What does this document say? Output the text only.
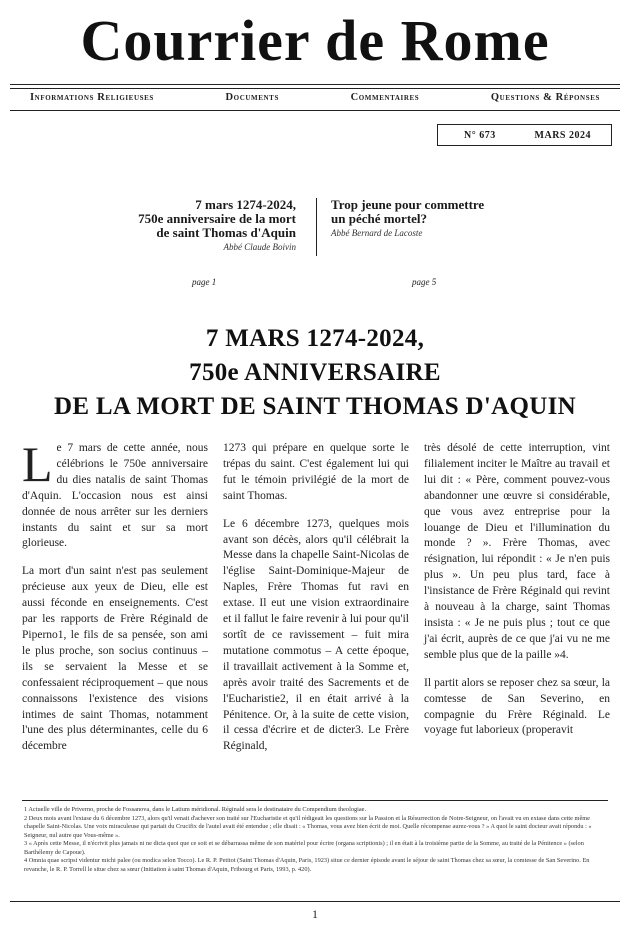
Courrier de Rome
Informations Religieuses	Documents	Commentaires	Questions & Réponses
N° 673	MARS 2024
7 mars 1274-2024,
750e anniversaire de la mort
de saint Thomas d'Aquin
Abbé Claude Boivin
Trop jeune pour commettre
un péché mortel?
Abbé Bernard de Lacoste
page 1	page 5
7 MARS 1274-2024,
750e ANNIVERSAIRE
DE LA MORT DE SAINT THOMAS D'AQUIN

Le 7 mars de cette année, nous célébrions le 750e anniversaire du dies natalis de saint Thomas d'Aquin. L'occasion nous est ainsi donnée de nous arrêter sur les derniers instants du saint et sur sa mort glorieuse.

La mort d'un saint n'est pas seulement précieuse aux yeux de Dieu, elle est aussi féconde en enseignements. C'est par les rapports de Frère Réginald de Piperno1, le fils de sa pensée, son ami le plus proche, son socius continuus – ils se servaient la Messe et se confessaient réciproquement – que nous connaissons l'existence des visions intimes de saint Thomas, notamment l'une des plus déterminantes, celle du 6 décembre

1273 qui prépare en quelque sorte le trépas du saint. C'est également lui qui fut le témoin privilégié de la mort de saint Thomas.

Le 6 décembre 1273, quelques mois avant son décès, alors qu'il célébrait la Messe dans la chapelle Saint-Nicolas de l'église Saint-Dominique-Majeur de Naples, Frère Thomas fut ravi en extase. Il eut une vision extraordinaire et il fallut le faire revenir à lui pour qu'il sortît de ce ravissement – fuit mira mutatione commotus – A cette époque, il travaillait activement à la Somme et, après avoir traité des Sacrements et de l'Eucharistie2, il en était arrivé à la Pénitence. Or, à la suite de cette vision, il cessa d'écrire et de dicter3. Le Frère Réginald,

très désolé de cette interruption, vint filialement inciter le Maître au travail et lui dit : « Père, comment pouvez-vous abandonner une œuvre si considérable, que vous avez entreprise pour la louange de Dieu et l'illumination du monde ? ». Frère Thomas, avec résignation, lui répondit : « Je n'en puis plus ». Un peu plus tard, face à l'insistance de Frère Réginald qui revint à nouveau à la charge, saint Thomas insista : « Je ne puis plus ; tout ce que j'ai écrit, auprès de ce que j'ai vu ne me semble plus que de la paille »4.

Il partit alors se reposer chez sa sœur, la comtesse de San Severino, en compagnie du Frère Réginald. Le voyage fut laborieux (properavit

1 Actuelle ville de Priverno, proche de Fossanova, dans le Latium méridional. Réginald sera le destinataire du Compendium theologiae.
2 Deux mois avant l'extase du 6 décembre 1273, alors qu'il venait d'achever son traité sur l'Eucharistie et qu'il rédigeait les questions sur la Passion et la Résurrection de Notre-Seigneur, on l'avait vu en extase dans cette même chapelle Saint-Nicolas. Une voix miraculeuse qui partait du Crucifix de l'autel avait été entendue ; elle disait : « Thomas, vous avez bien écrit de moi. Quelle récompense aurez-vous ? » A quoi le saint docteur avait répondu : « Seigneur, nul autre que Vous-même ».
3 « Après cette Messe, il n'écrivit plus jamais ni ne dicta quoi que ce soit et se débarrassa même de son matériel pour écrire (organa scriptionis) ; il en était à la troisième partie de la Somme, au traité de la Pénitence » (selon Barthélemy de Capoue).
4 Omnia quae scripsi videntur michi palee (ou modica selon Tocco). Le R. P. Petitot (Saint Thomas d'Aquin, Paris, 1923) situe ce dernier épisode avant le séjour de saint Thomas chez sa sœur, la comtesse de San Severino. En revanche, le R. P. Torrell le situe chez sa sœur (Initiation à saint Thomas d'Aquin, Fribourg et Paris, 1993, p. 420).
1
